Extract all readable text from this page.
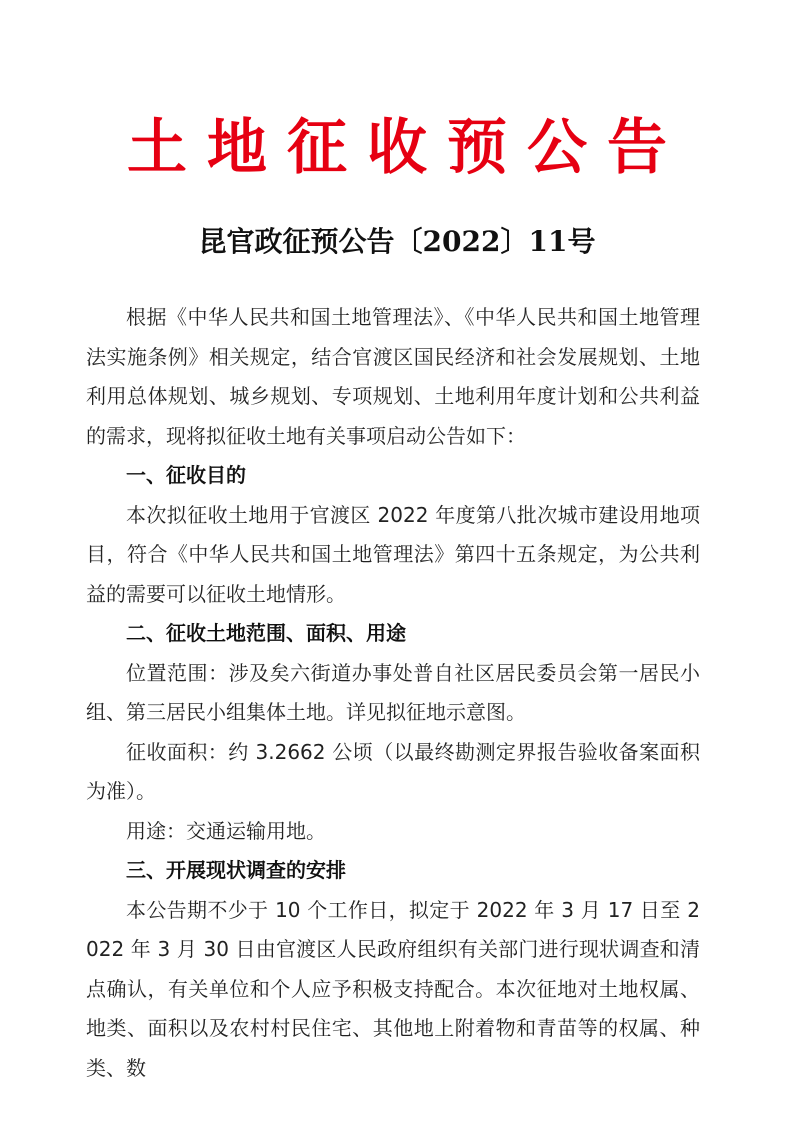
土地征收预公告
昆官政征预公告〔2022〕11号

根据《中华人民共和国土地管理法》、《中华人民共和国土地管理法实施条例》相关规定，结合官渡区国民经济和社会发展规划、土地利用总体规划、城乡规划、专项规划、土地利用年度计划和公共利益的需求，现将拟征收土地有关事项启动公告如下：

一、征收目的

本次拟征收土地用于官渡区 2022 年度第八批次城市建设用地项目，符合《中华人民共和国土地管理法》第四十五条规定，为公共利益的需要可以征收土地情形。

二、征收土地范围、面积、用途

位置范围：涉及矣六街道办事处普自社区居民委员会第一居民小组、第三居民小组集体土地。详见拟征地示意图。

征收面积：约 3.2662 公顷（以最终勘测定界报告验收备案面积为准）。

用途：交通运输用地。

三、开展现状调查的安排

本公告期不少于 10 个工作日，拟定于 2022 年 3 月 17 日至 2022 年 3 月 30 日由官渡区人民政府组织有关部门进行现状调查和清点确认，有关单位和个人应予积极支持配合。本次征地对土地权属、地类、面积以及农村村民住宅、其他地上附着物和青苗等的权属、种类、数
